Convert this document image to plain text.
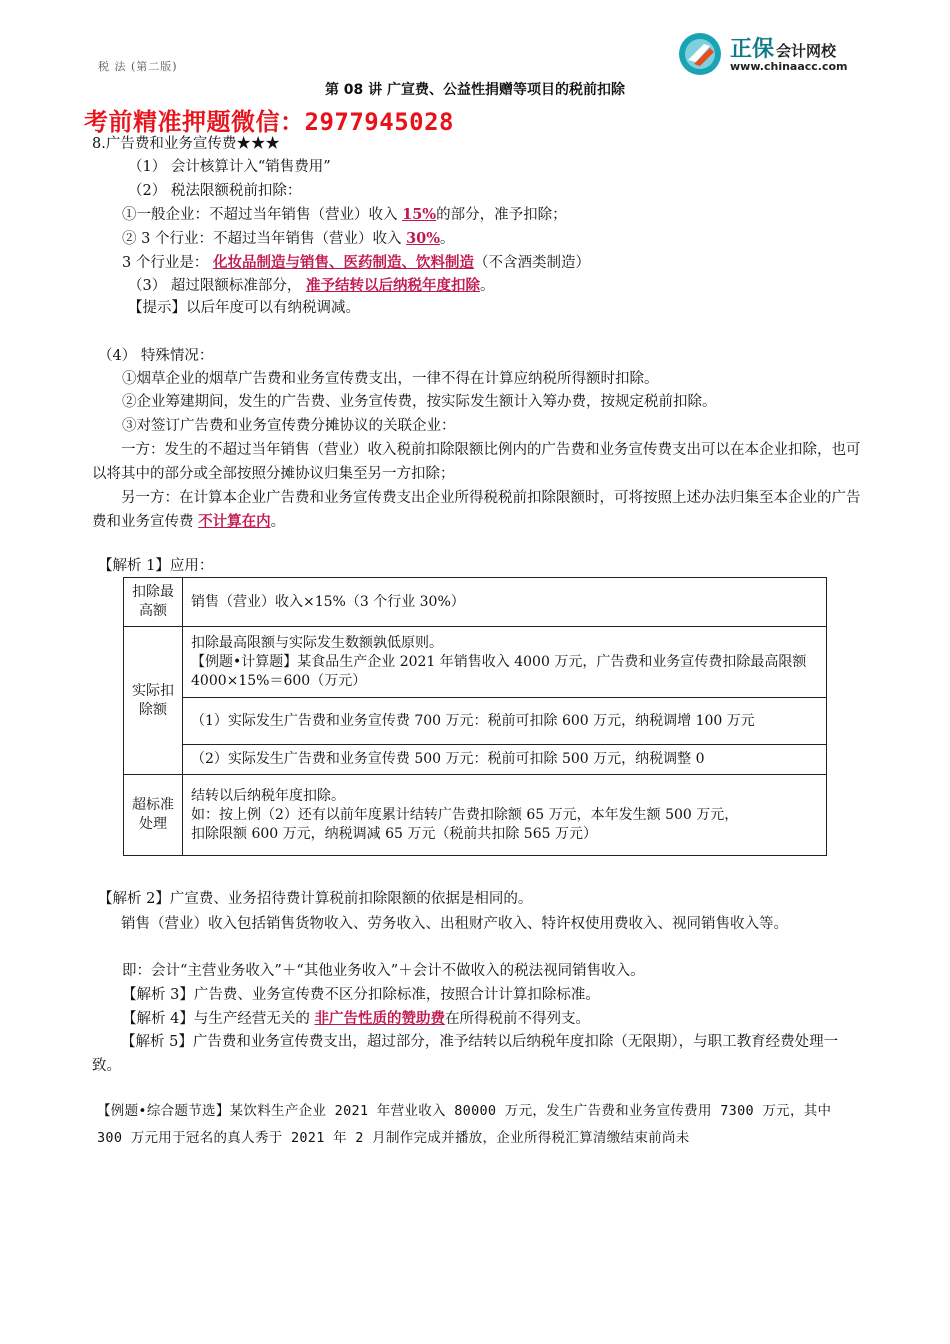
税 法 (第二版)
正保 会计网校
www.chinaacc.com
第 08 讲 广宣费、公益性捐赠等项目的税前扣除
考前精准押题微信：2977945028
8.广告费和业务宣传费★★★
（1） 会计核算计入“销售费用”
（2） 税法限额税前扣除：
①一般企业：不超过当年销售（营业）收入 15%的部分，准予扣除；
② 3 个行业：不超过当年销售（营业）收入 30%。
3 个行业是： 化妆品制造与销售、医药制造、饮料制造（不含酒类制造）
（3） 超过限额标准部分， 准予结转以后纳税年度扣除。
【提示】以后年度可以有纳税调减。
（4） 特殊情况：
①烟草企业的烟草广告费和业务宣传费支出，一律不得在计算应纳税所得额时扣除。
②企业筹建期间，发生的广告费、业务宣传费，按实际发生额计入筹办费，按规定税前扣除。
③对签订广告费和业务宣传费分摊协议的关联企业：
一方：发生的不超过当年销售（营业）收入税前扣除限额比例内的广告费和业务宣传费支出可以在本企业扣除，也可以将其中的部分或全部按照分摊协议归集至另一方扣除；
另一方：在计算本企业广告费和业务宣传费支出企业所得税税前扣除限额时，可将按照上述办法归集至本企业的广告费和业务宣传费 不计算在内。
【解析 1】应用：
扣除最高额	销售（营业）收入×15%（3 个行业 30%）
实际扣除额	扣除最高限额与实际发生数额孰低原则。
【例题•计算题】某食品生产企业 2021 年销售收入 4000 万元，广告费和业务宣传费扣除最高限额 4000×15%＝600（万元）

	（1）实际发生广告费和业务宣传费 700 万元：税前可扣除 600 万元，纳税调增 100 万元
	（2）实际发生广告费和业务宣传费 500 万元：税前可扣除 500 万元，纳税调整 0
超标准处理	结转以后纳税年度扣除。
如：按上例（2）还有以前年度累计结转广告费扣除额 65 万元，本年发生额 500 万元，
扣除限额 600 万元，纳税调减 65 万元（税前共扣除 565 万元）
【解析 2】广宣费、业务招待费计算税前扣除限额的依据是相同的。
销售（营业）收入包括销售货物收入、劳务收入、出租财产收入、特许权使用费收入、视同销售收入等。
即：会计“主营业务收入”＋“其他业务收入”＋会计不做收入的税法视同销售收入。
【解析 3】广告费、业务宣传费不区分扣除标准，按照合计计算扣除标准。
【解析 4】与生产经营无关的 非广告性质的赞助费在所得税前不得列支。
【解析 5】广告费和业务宣传费支出，超过部分，准予结转以后纳税年度扣除（无限期），与职工教育经费处理一致。
【例题•综合题节选】某饮料生产企业 2021 年营业收入 80000 万元，发生广告费和业务宣传费用 7300 万元，其中 300 万元用于冠名的真人秀于 2021 年 2 月制作完成并播放，企业所得税汇算清缴结束前尚未
